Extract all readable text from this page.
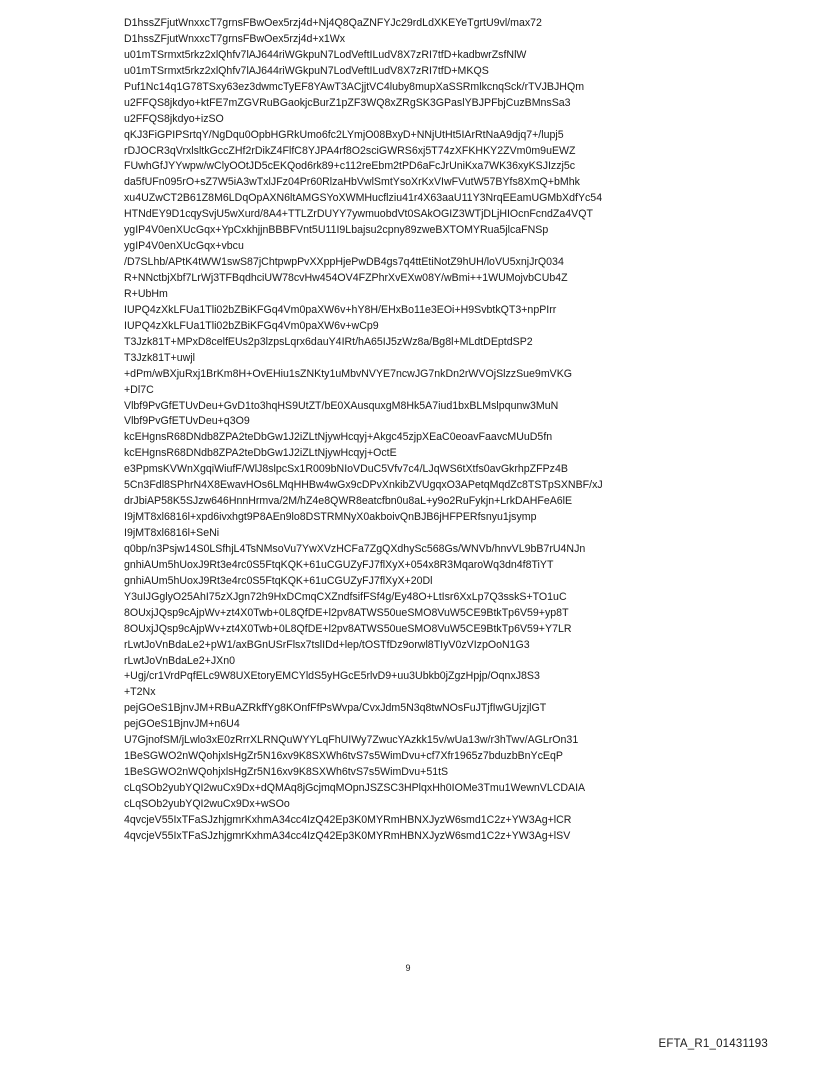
D1hssZFjutWnxxcT7grnsFBwOex5rzj4d+Nj4Q8QaZNFYJc29rdLdXKEYeTgrtU9vl/max72
D1hssZFjutWnxxcT7grnsFBwOex5rzj4d+x1Wx
u01mTSrmxt5rkz2xlQhfv7lAJ644riWGkpuN7LodVeftILudV8X7zRI7tfD+kadbwrZsfNlW
u01mTSrmxt5rkz2xlQhfv7lAJ644riWGkpuN7LodVeftILudV8X7zRI7tfD+MKQS
Puf1Nc14q1G78TSxy63ez3dwmcTyEF8YAwT3ACjjtVC4luby8mupXaSSRmlkcnqSck/rTVJBJHQm
u2FFQS8jkdyo+ktFE7mZGVRuBGaokjcBurZ1pZF3WQ8xZRgSK3GPaslYBJPFbjCuzBMnsSa3
u2FFQS8jkdyo+izSO
qKJ3FiGPIPSrtqY/NgDqu0OpbHGRkUmo6fc2LYmjO08BxyD+NNjUtHt5IArRtNaA9djq7+/lupj5
rDJOCR3qVrxlsltkGccZHf2rDikZ4FlfC8YJPA4rf8O2sciGWRS6xj5T74zXFKHKY2ZVm0m9uEWZ
FUwhGfJYYwpw/wClyOOtJD5cEKQod6rk89+c112reEbm2tPD6aFcJrUniKxa7WK36xyKSJIzzj5c
da5fUFn095rO+sZ7W5iA3wTxlJFz04Pr60RlzaHbVwlSmtYsoXrKxVIwFVutW57BYfs8XmQ+bMhk
xu4UZwCT2B61Z8M6LDqOpAXN6ltAMGSYoXWMHucflziu41r4X63aaU11Y3NrqEEamUGMbXdfYc54
HTNdEY9D1cqySvjU5wXurd/8A4+TTLZrDUYY7ywmuobdVt0SAkOGIZ3WTjDLjHIOcnFcndZa4VQT
ygIP4V0enXUcGqx+YpCxkhjjnBBBFVnt5U11I9Lbajsu2cpny89zweBXTOMYRua5jlcaFNSp
ygIP4V0enXUcGqx+vbcu
/D7SLhb/APtK4tWW1swS87jChtpwpPvXXppHjePwDB4gs7q4ttEtiNotZ9hUH/loVU5xnjJrQ034
R+NNctbjXbf7LrWj3TFBqdhciUW78cvHw454OV4FZPhrXvEXw08Y/wBmi++1WUMojvbCUb4Z
R+UbHm
IUPQ4zXkLFUa1Tli02bZBiKFGq4Vm0paXW6v+hY8H/EHxBo11e3EOi+H9SvbtkQT3+npPIrr
IUPQ4zXkLFUa1Tli02bZBiKFGq4Vm0paXW6v+wCp9
T3Jzk81T+MPxD8celfEUs2p3lzpsLqrx6dauY4IRt/hA65IJ5zWz8a/Bg8l+MLdtDEptdSP2
T3Jzk81T+uwjl
+dPm/wBXjuRxj1BrKm8H+OvEHiu1sZNKty1uMbvNVYE7ncwJG7nkDn2rWVOjSlzzSue9mVKG
+Dl7C
Vlbf9PvGfETUvDeu+GvD1to3hqHS9UtZT/bE0XAusquxgM8Hk5A7iud1bxBLMslpqunw3MuN
Vlbf9PvGfETUvDeu+q3O9
kcEHgnsR68DNdb8ZPA2teDbGw1J2iZLtNjywHcqyj+Akgc45zjpXEaC0eoavFaavcMUuD5fn
kcEHgnsR68DNdb8ZPA2teDbGw1J2iZLtNjywHcqyj+OctE
e3PpmsKVWnXgqiWiufF/WlJ8slpcSx1R009bNIoVDuC5Vfv7c4/LJqWS6tXtfs0avGkrhpZFPz4B
5Cn3Fdl8SPhrN4X8EwavHOs6LMqHHBw4wGx9cDPvXnkibZVUgqxO3APetqMqdZc8TSTpSXNBF/xJ
drJbiAP58K5SJzw646HnnHrmva/2M/hZ4e8QWR8eatcfbn0u8aL+y9o2RuFykjn+LrkDAHFeA6lE
I9jMT8xl6816l+xpd6ivxhgt9P8AEn9lo8DSTRMNyX0akboivQnBJB6jHFPERfsnyu1jsymp
I9jMT8xl6816l+SeNi
q0bp/n3Psjw14S0LSfhjL4TsNMsoVu7YwXVzHCFa7ZgQXdhySc568Gs/WNVb/hnvVL9bB7rU4NJn
gnhiAUm5hUoxJ9Rt3e4rc0S5FtqKQK+61uCGUZyFJ7flXyX+054x8R3MqaroWq3dn4f8TiYT
gnhiAUm5hUoxJ9Rt3e4rc0S5FtqKQK+61uCGUZyFJ7flXyX+20Dl
Y3uIJGglyO25AhI75zXJgn72h9HxDCmqCXZndfsifFSf4g/Ey48O+LtIsr6XxLp7Q3sskS+TO1uC
8OUxjJQsp9cAjpWv+zt4X0Twb+0L8QfDE+l2pv8ATWS50ueSMO8VuW5CE9BtkTp6V59+yp8T
8OUxjJQsp9cAjpWv+zt4X0Twb+0L8QfDE+l2pv8ATWS50ueSMO8VuW5CE9BtkTp6V59+Y7LR
rLwtJoVnBdaLe2+pW1/axBGnUSrFlsx7tslIDd+lep/tOSTfDz9orwl8TIyV0zVIzpOoN1G3
rLwtJoVnBdaLe2+JXn0
+Ugj/cr1VrdPqfELc9W8UXEtoryEMCYldS5yHGcE5rlvD9+uu3Ubkb0jZgzHpjp/OqnxJ8S3
+T2Nx
pejGOeS1BjnvJM+RBuAZRkffYg8KOnfFfPsWvpa/CvxJdm5N3q8twNOsFuJTjfIwGUjzjlGT
pejGOeS1BjnvJM+n6U4
U7GjnofSM/jLwlo3xE0zRrrXLRNQuWYYLqFhUIWy7ZwucYAzkk15v/wUa13w/r3hTwv/AGLrOn31
1BeSGWO2nWQohjxlsHgZr5N16xv9K8SXWh6tvS7s5WimDvu+cf7Xfr1965z7bduzbBnYcEqP
1BeSGWO2nWQohjxlsHgZr5N16xv9K8SXWh6tvS7s5WimDvu+51tS
cLqSOb2yubYQI2wuCx9Dx+dQMAq8jGcjmqMOpnJSZSC3HPlqxHh0IOMe3Tmu1WewnVLCDAIA
cLqSOb2yubYQI2wuCx9Dx+wSOo
4qvcjeV55IxTFaSJzhjgmrKxhmA34cc4IzQ42Ep3K0MYRmHBNXJyzW6smd1C2z+YW3Ag+lCR
4qvcjeV55IxTFaSJzhjgmrKxhmA34cc4IzQ42Ep3K0MYRmHBNXJyzW6smd1C2z+YW3Ag+lSV
9
EFTA_R1_01431193
